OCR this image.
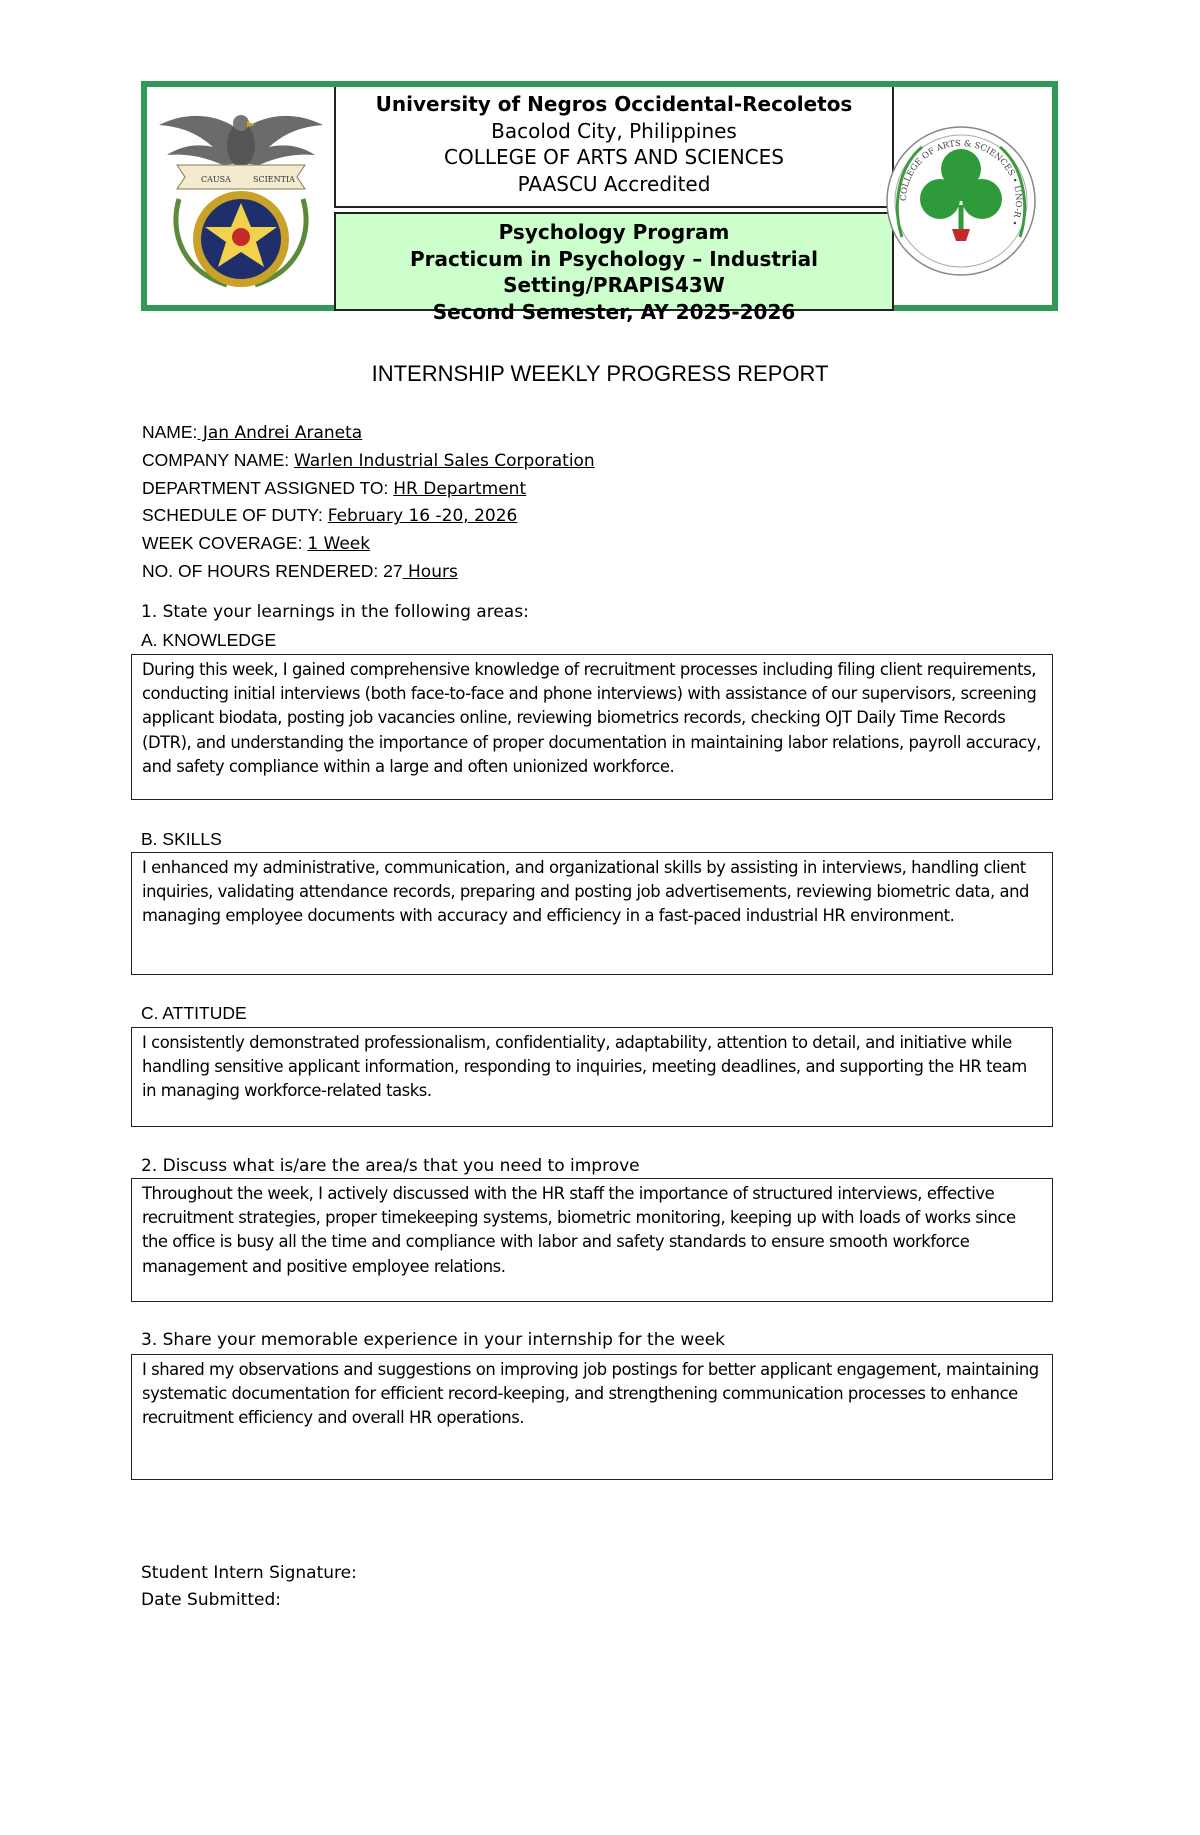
CAUSA	SCIENTIA
University of Negros Occidental-Recoletos
Bacolod City, Philippines
COLLEGE OF ARTS AND SCIENCES
PAASCU Accredited
Psychology Program
Practicum in Psychology – Industrial
Setting/PRAPIS43W
Second Semester, AY 2025-2026
COLLEGE OF ARTS & SCIENCES • UNO-R •
INTERNSHIP WEEKLY PROGRESS REPORT
NAME: Jan Andrei Araneta
COMPANY NAME: Warlen Industrial Sales Corporation
DEPARTMENT ASSIGNED TO: HR Department
SCHEDULE OF DUTY: February 16 -20, 2026
WEEK COVERAGE: 1 Week
NO. OF HOURS RENDERED: 27 Hours
1. State your learnings in the following areas:
A. KNOWLEDGE
During this week, I gained comprehensive knowledge of recruitment processes including filing client requirements, conducting initial interviews (both face-to-face and phone interviews) with assistance of our supervisors, screening applicant biodata, posting job vacancies online, reviewing biometrics records, checking OJT Daily Time Records (DTR), and understanding the importance of proper documentation in maintaining labor relations, payroll accuracy, and safety compliance within a large and often unionized workforce.
B. SKILLS
I enhanced my administrative, communication, and organizational skills by assisting in interviews, handling client inquiries, validating attendance records, preparing and posting job advertisements, reviewing biometric data, and managing employee documents with accuracy and efficiency in a fast-paced industrial HR environment.
C. ATTITUDE
I consistently demonstrated professionalism, confidentiality, adaptability, attention to detail, and initiative while handling sensitive applicant information, responding to inquiries, meeting deadlines, and supporting the HR team in managing workforce-related tasks.
2. Discuss what is/are the area/s that you need to improve
Throughout the week, I actively discussed with the HR staff the importance of structured interviews, effective recruitment strategies, proper timekeeping systems, biometric monitoring, keeping up with loads of works since the office is busy all the time and compliance with labor and safety standards to ensure smooth workforce management and positive employee relations.
3. Share your memorable experience in your internship for the week
I shared my observations and suggestions on improving job postings for better applicant engagement, maintaining systematic documentation for efficient record-keeping, and strengthening communication processes to enhance recruitment efficiency and overall HR operations.
Student Intern Signature:
Date Submitted:
